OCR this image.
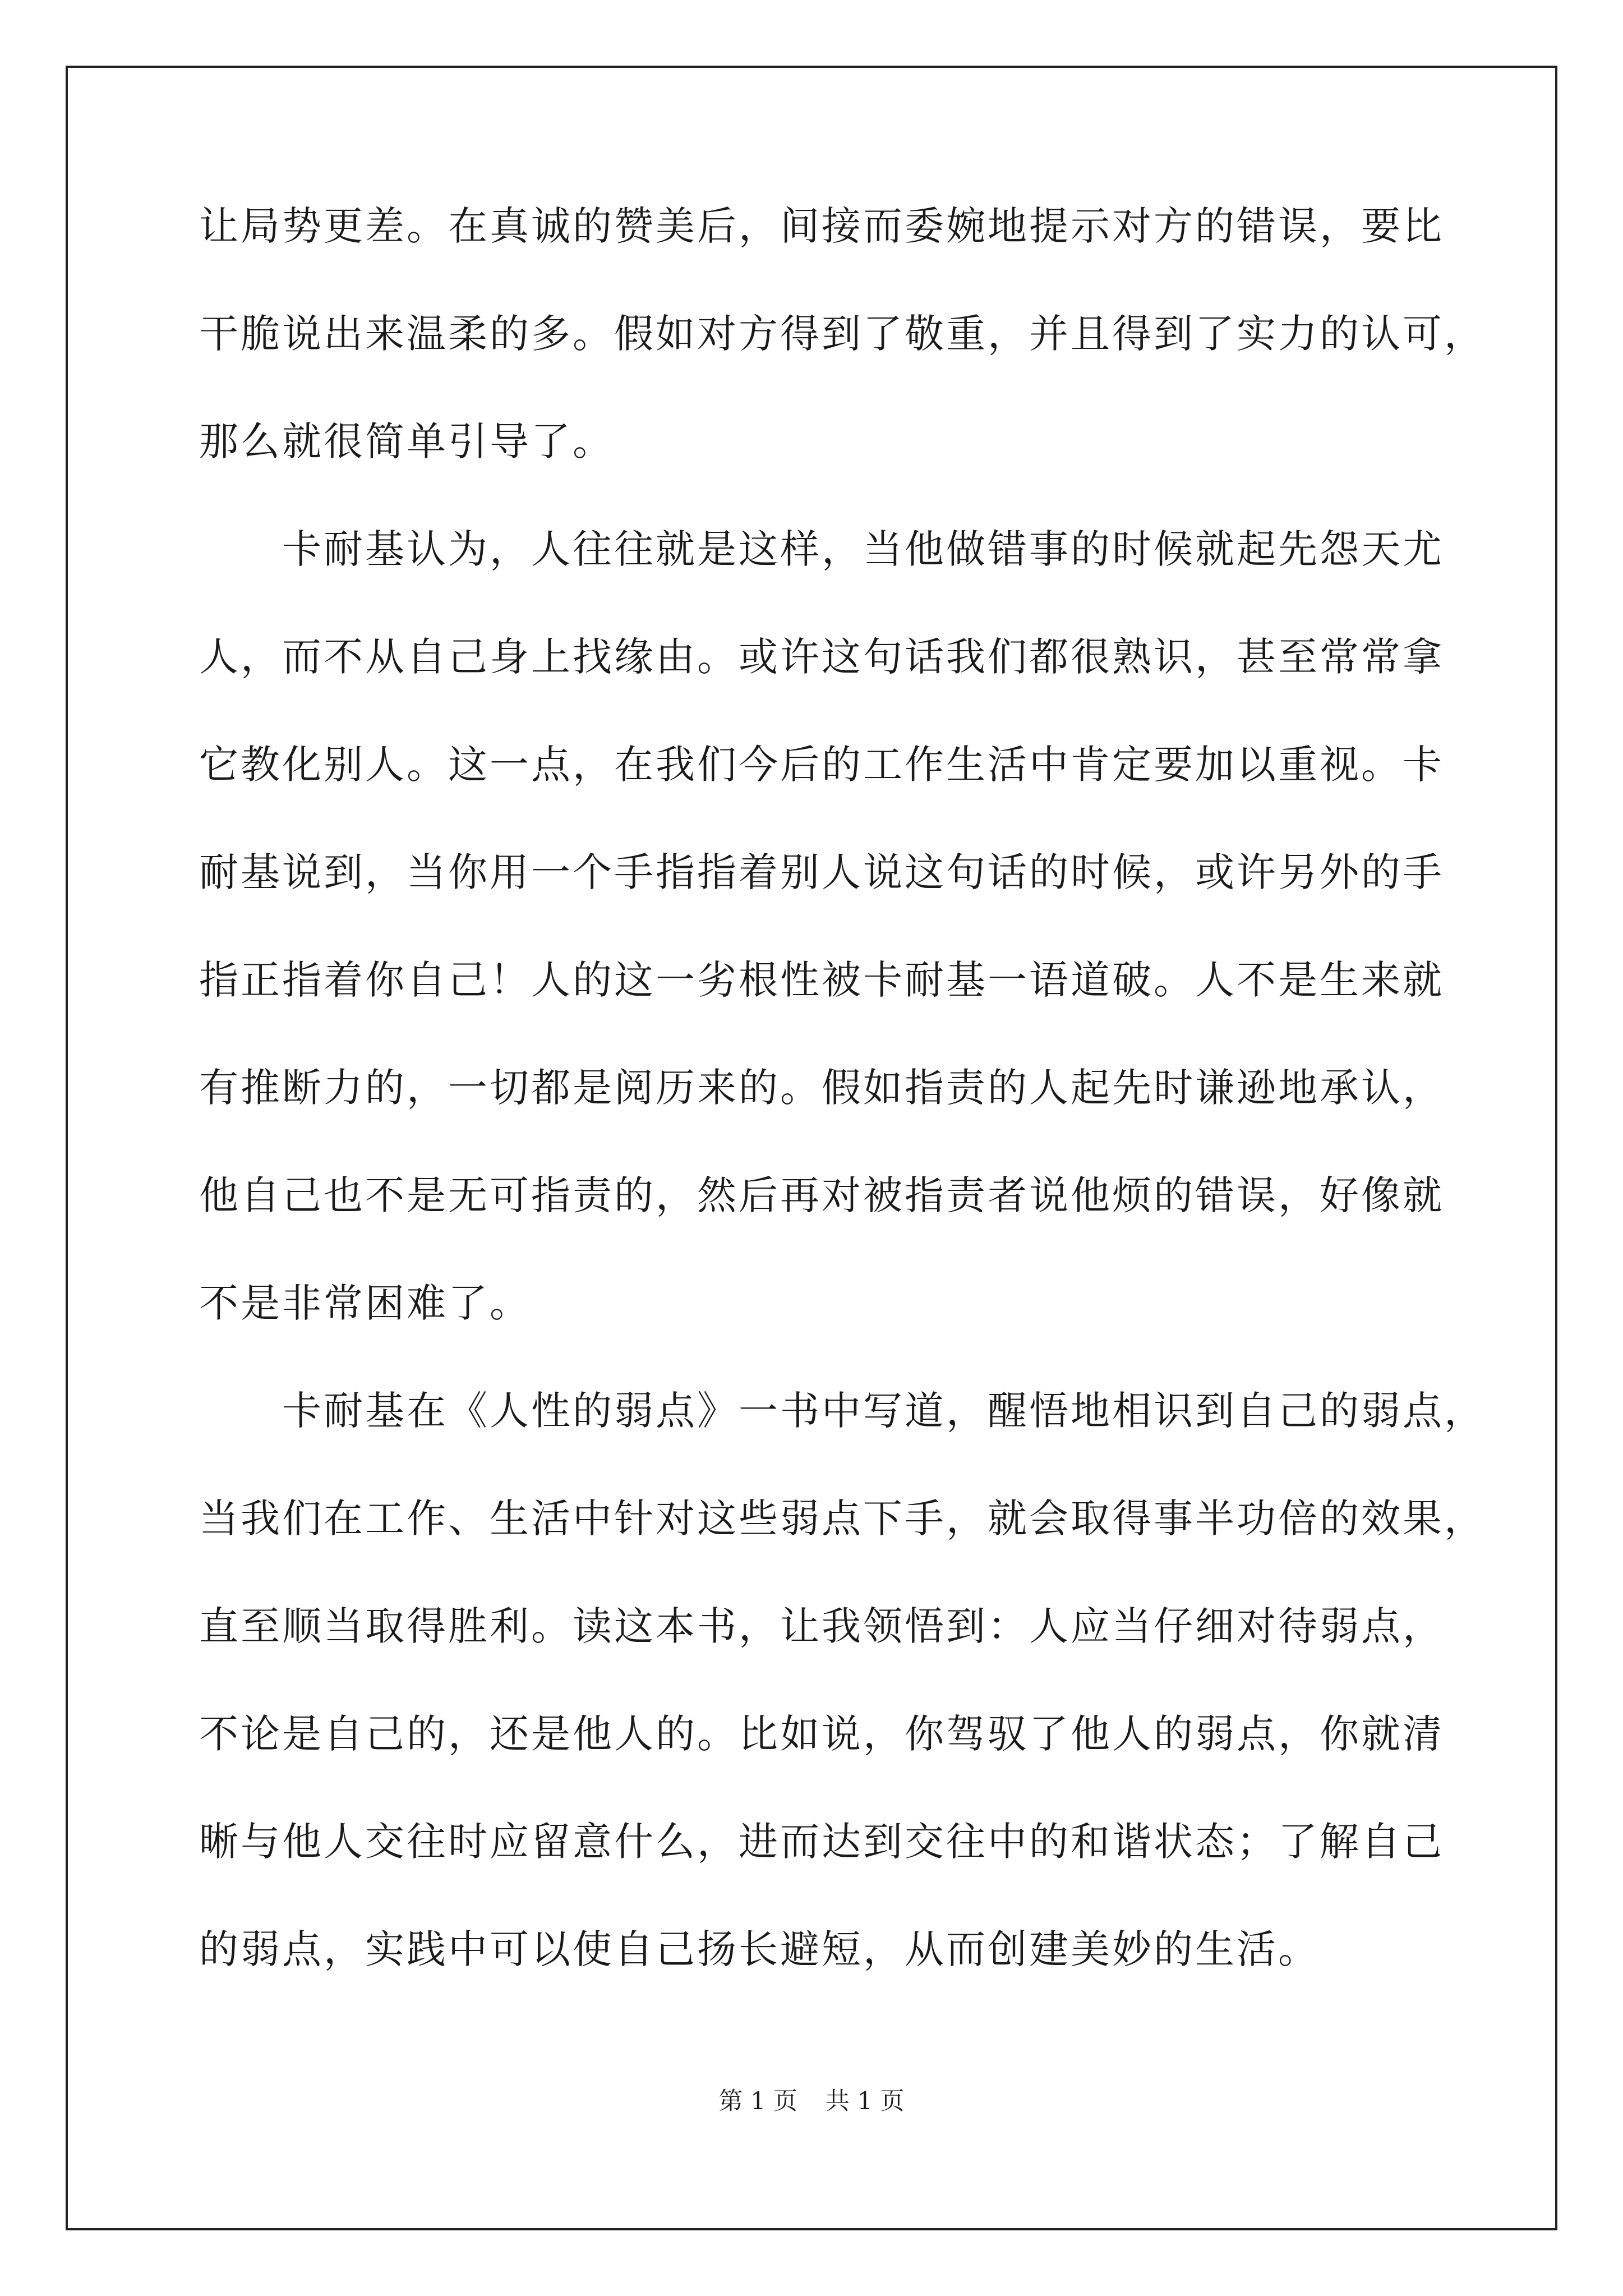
让局势更差。在真诚的赞美后，间接而委婉地提示对方的错误，要比
干脆说出来温柔的多。假如对方得到了敬重，并且得到了实力的认可，
那么就很简单引导了。
　　卡耐基认为，人往往就是这样，当他做错事的时候就起先怨天尤
人，而不从自己身上找缘由。或许这句话我们都很熟识，甚至常常拿
它教化别人。这一点，在我们今后的工作生活中肯定要加以重视。卡
耐基说到，当你用一个手指指着别人说这句话的时候，或许另外的手
指正指着你自己！人的这一劣根性被卡耐基一语道破。人不是生来就
有推断力的，一切都是阅历来的。假如指责的人起先时谦逊地承认，
他自己也不是无可指责的，然后再对被指责者说他烦的错误，好像就
不是非常困难了。
　　卡耐基在《人性的弱点》一书中写道，醒悟地相识到自己的弱点，
当我们在工作、生活中针对这些弱点下手，就会取得事半功倍的效果，
直至顺当取得胜利。读这本书，让我领悟到：人应当仔细对待弱点，
不论是自己的，还是他人的。比如说，你驾驭了他人的弱点，你就清
晰与他人交往时应留意什么，进而达到交往中的和谐状态；了解自己
的弱点，实践中可以使自己扬长避短，从而创建美妙的生活。
第 1 页 共 1 页
